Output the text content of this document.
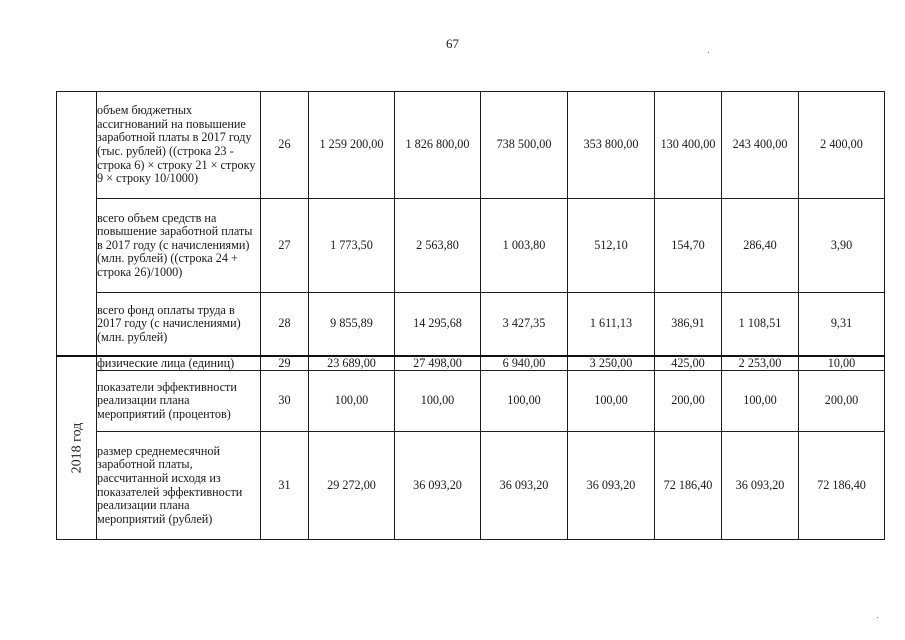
67
	объем бюджетных ассигнований на повышение заработной платы в 2017 году (тыс. рублей) ((строка 23 - строка 6) × строку 21 × строку 9 × строку 10/1000)	26	1 259 200,00	1 826 800,00	738 500,00	353 800,00	130 400,00	243 400,00	2 400,00
	всего объем средств на повышение заработной платы в 2017 году (с начислениями) (млн. рублей) ((строка 24 + строка 26)/1000)	27	1 773,50	2 563,80	1 003,80	512,10	154,70	286,40	3,90
	всего фонд оплаты труда в 2017 году (с начислениями) (млн. рублей)	28	9 855,89	14 295,68	3 427,35	1 611,13	386,91	1 108,51	9,31

2018 год	физические лица (единиц)	29	23 689,00	27 498,00	6 940,00	3 250,00	425,00	2 253,00	10,00
	показатели эффективности реализации плана мероприятий (процентов)	30	100,00	100,00	100,00	100,00	200,00	100,00	200,00
	размер среднемесячной заработной платы, рассчитанной исходя из показателей эффективности реализации плана мероприятий (рублей)	31	29 272,00	36 093,20	36 093,20	36 093,20	72 186,40	36 093,20	72 186,40
